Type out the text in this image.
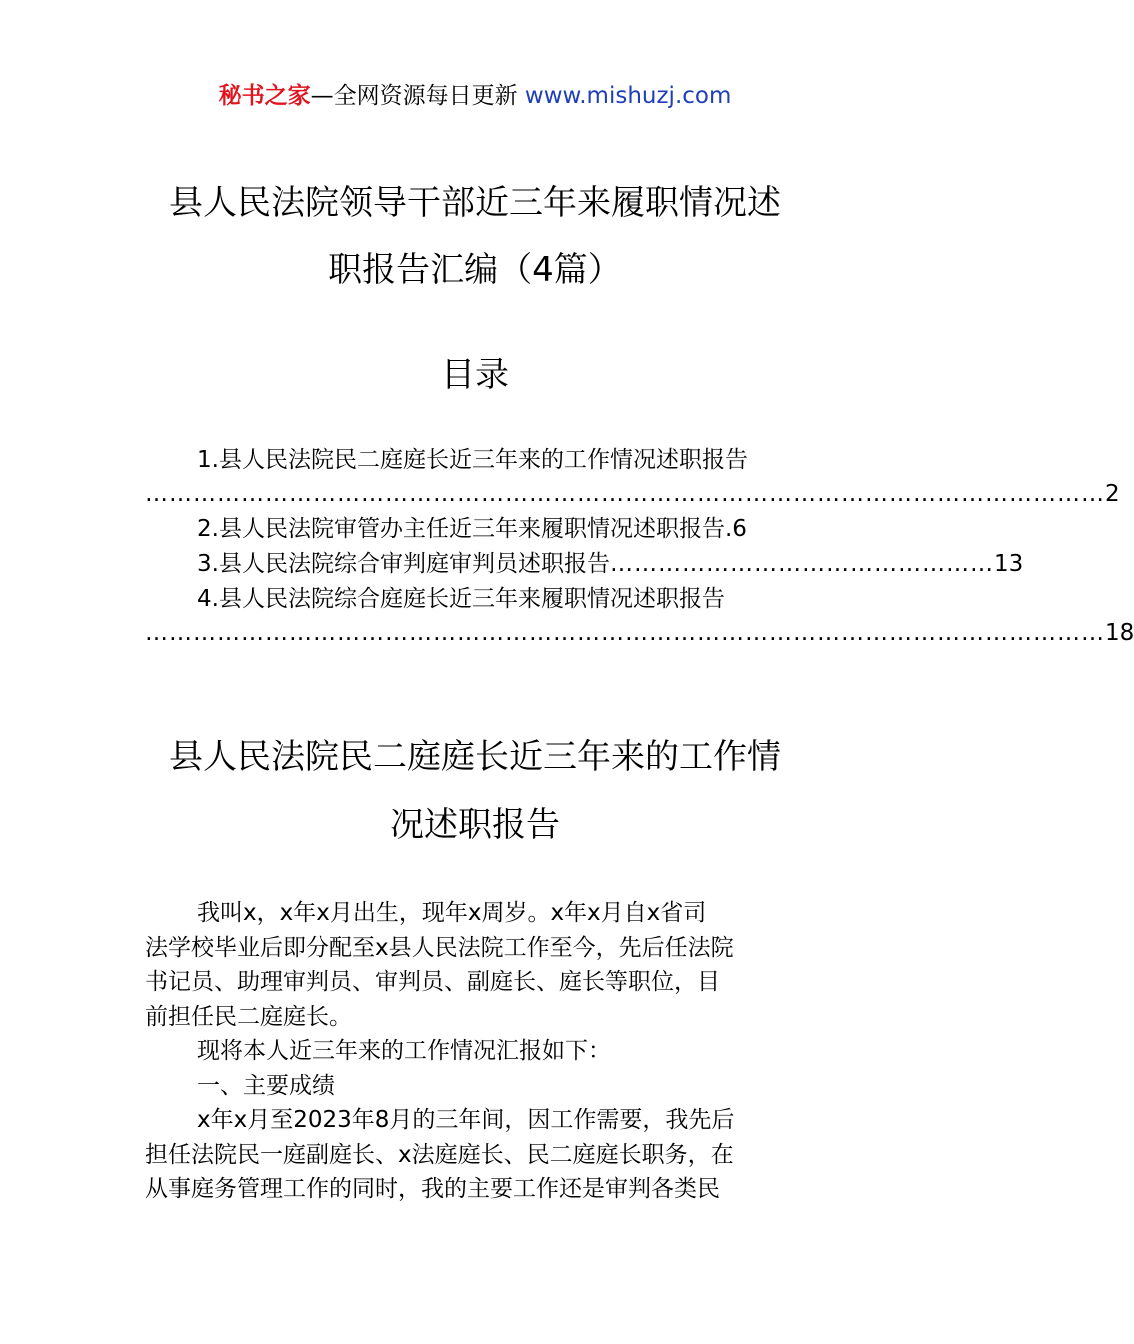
秘书之家—全网资源每日更新 www.mishuzj.com
县人民法院领导干部近三年来履职情况述
职报告汇编（4篇）
目录
1.县人民法院民二庭庭长近三年来的工作情况述职报告
………………………………………………………………………………………………………… 2
2.县人民法院审管办主任近三年来履职情况述职报告. 6
3.县人民法院综合审判庭审判员述职报告 ………………………………………… 13
4.县人民法院综合庭庭长近三年来履职情况述职报告
………………………………………………………………………………………………………… 18
县人民法院民二庭庭长近三年来的工作情
况述职报告
我叫x，x年x月出生，现年x周岁。x年x月自x省司
法学校毕业后即分配至x县人民法院工作至今，先后任法院
书记员、助理审判员、审判员、副庭长、庭长等职位，目
前担任民二庭庭长。
现将本人近三年来的工作情况汇报如下：
一、主要成绩
x年x月至2023年8月的三年间，因工作需要，我先后
担任法院民一庭副庭长、x法庭庭长、民二庭庭长职务，在
从事庭务管理工作的同时，我的主要工作还是审判各类民
